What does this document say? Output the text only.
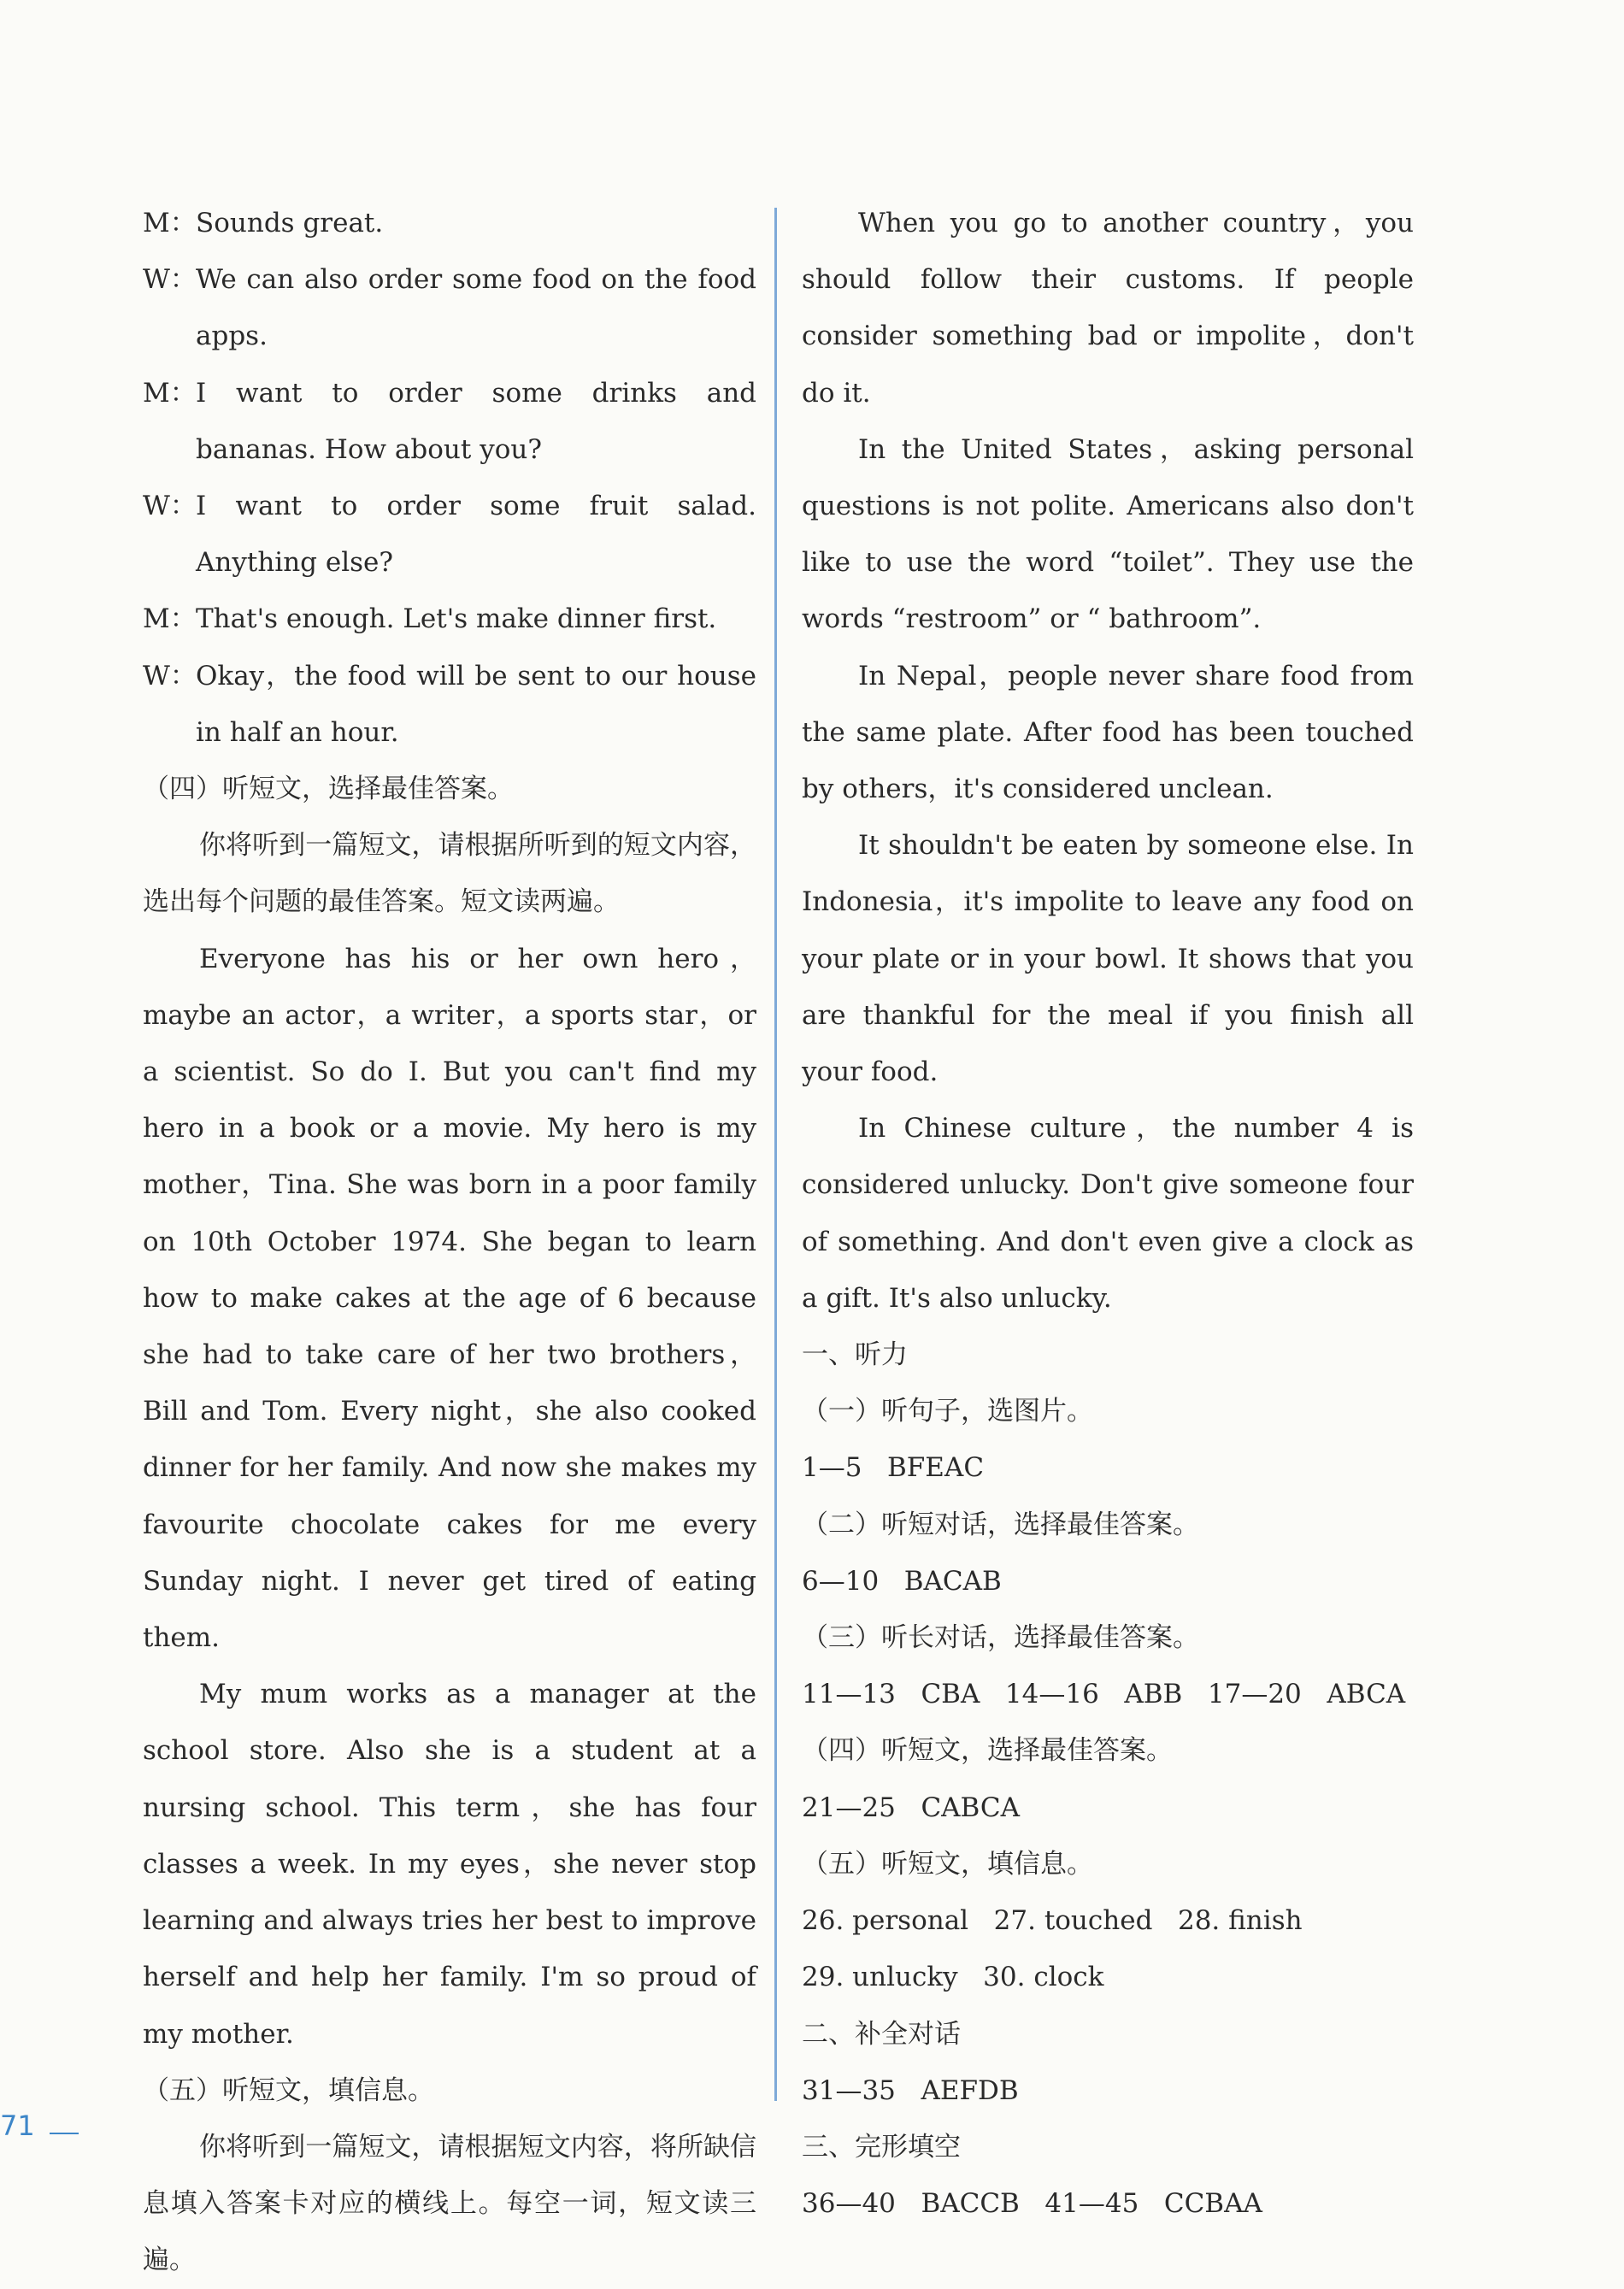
M： Sounds great.
W： We can also order some food on the food apps.
M： I want to order some drinks and bananas. How about you?
W： I want to order some fruit salad. Anything else?
M： That's enough. Let's make dinner first.
W： Okay，the food will be sent to our house in half an hour.

（四）听短文，选择最佳答案。

你将听到一篇短文，请根据所听到的短文内容，选出每个问题的最佳答案。短文读两遍。

Everyone has his or her own hero，maybe an actor，a writer，a sports star，or a scientist. So do I. But you can't find my hero in a book or a movie. My hero is my mother，Tina. She was born in a poor family on 10th October 1974. She began to learn how to make cakes at the age of 6 because she had to take care of her two brothers，Bill and Tom. Every night，she also cooked dinner for her family. And now she makes my favourite chocolate cakes for me every Sunday night. I never get tired of eating them.

My mum works as a manager at the school store. Also she is a student at a nursing school. This term，she has four classes a week. In my eyes，she never stop learning and always tries her best to improve herself and help her family. I'm so proud of my mother.

（五）听短文，填信息。

你将听到一篇短文，请根据短文内容，将所缺信息填入答案卡对应的横线上。每空一词，短文读三遍。

When you go to another country，you should follow their customs. If people consider something bad or impolite，don't do it.

In the United States，asking personal questions is not polite. Americans also don't like to use the word “toilet”. They use the words “restroom” or “ bathroom”.

In Nepal，people never share food from the same plate. After food has been touched by others，it's considered unclean.

It shouldn't be eaten by someone else. In Indonesia，it's impolite to leave any food on your plate or in your bowl. It shows that you are thankful for the meal if you finish all your food.

In Chinese culture，the number 4 is considered unlucky. Don't give someone four of something. And don't even give a clock as a gift. It's also unlucky.

一、听力

（一）听句子，选图片。

1—5   BFEAC

（二）听短对话，选择最佳答案。

6—10   BACAB

（三）听长对话，选择最佳答案。

11—13   CBA   14—16   ABB   17—20   ABCA

（四）听短文，选择最佳答案。

21—25   CABCA

（五）听短文，填信息。

26. personal   27. touched   28. finish

29. unlucky   30. clock

二、补全对话

31—35   AEFDB

三、完形填空

36—40   BACCB   41—45   CCBAA

71
